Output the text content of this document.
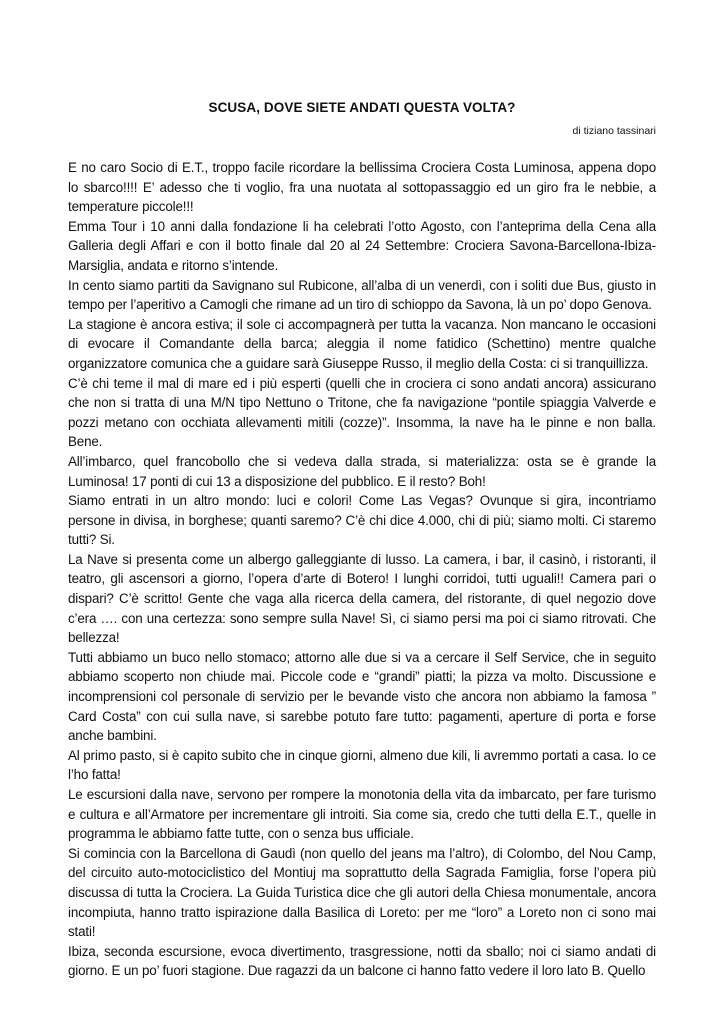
SCUSA, DOVE SIETE ANDATI QUESTA VOLTA?
di tiziano tassinari

E no caro Socio di E.T., troppo facile ricordare la bellissima Crociera Costa Luminosa, appena dopo lo sbarco!!!! E’ adesso che ti voglio, fra una nuotata al sottopassaggio ed un giro fra le nebbie, a temperature piccole!!!

Emma Tour i 10 anni dalla fondazione li ha celebrati l’otto Agosto, con l’anteprima della Cena alla Galleria degli Affari e con il botto finale dal 20 al 24 Settembre: Crociera Savona-Barcellona-Ibiza-Marsiglia, andata e ritorno s’intende.

In cento siamo partiti da Savignano sul Rubicone, all’alba di un venerdì, con i soliti due Bus, giusto in tempo per l’aperitivo a Camogli che rimane ad un tiro di schioppo da Savona, là un po’ dopo Genova.

La stagione è ancora estiva; il sole ci accompagnerà per tutta la vacanza. Non mancano le occasioni di evocare il Comandante della barca; aleggia il nome fatidico (Schettino) mentre qualche organizzatore comunica che a guidare sarà Giuseppe Russo, il meglio della Costa: ci si tranquillizza.

C’è chi teme il mal di mare ed i più esperti (quelli che in crociera ci sono andati ancora) assicurano che non si tratta di una M/N tipo Nettuno o Tritone, che fa navigazione “pontile spiaggia Valverde e pozzi metano con occhiata allevamenti mitili (cozze)”. Insomma, la nave ha le pinne e non balla. Bene.

All’imbarco, quel francobollo che si vedeva dalla strada, si materializza: osta se è grande la Luminosa! 17 ponti di cui 13 a disposizione del pubblico. E il resto? Boh!

Siamo entrati in un altro mondo: luci e colori! Come Las Vegas? Ovunque si gira, incontriamo persone in divisa, in borghese; quanti saremo? C’è chi dice 4.000, chi di più; siamo molti. Ci staremo tutti? Si.

La Nave si presenta come un albergo galleggiante di lusso. La camera, i bar, il casinò, i ristoranti, il teatro, gli ascensori a giorno, l’opera d’arte di Botero! I lunghi corridoi, tutti uguali!! Camera pari o dispari? C’è scritto! Gente che vaga alla ricerca della camera, del ristorante, di quel negozio dove c’era …. con una certezza: sono sempre sulla Nave! Sì, ci siamo persi ma poi ci siamo ritrovati. Che bellezza!

Tutti abbiamo un buco nello stomaco; attorno alle due si va a cercare il Self Service, che in seguito abbiamo scoperto non chiude mai. Piccole code e “grandi” piatti; la pizza va molto. Discussione e incomprensioni col personale di servizio per le bevande visto che ancora non abbiamo la famosa ” Card Costa” con cui sulla nave, si sarebbe potuto fare tutto: pagamenti, aperture di porta e forse anche bambini.

Al primo pasto, si è capito subito che in cinque giorni, almeno due kili, li avremmo portati a casa. Io ce l’ho fatta!

Le escursioni dalla nave, servono per rompere la monotonia della vita da imbarcato, per fare turismo e cultura e all’Armatore per incrementare gli introiti. Sia come sia, credo che tutti della E.T., quelle in programma le abbiamo fatte tutte, con o senza bus ufficiale.

Si comincia con la Barcellona di Gaudì (non quello del jeans ma l’altro), di Colombo, del Nou Camp, del circuito auto-motociclistico del Montiuj ma soprattutto della Sagrada Famiglia, forse l’opera più discussa di tutta la Crociera. La Guida Turistica dice che gli autori della Chiesa monumentale, ancora incompiuta, hanno tratto ispirazione dalla Basilica di Loreto: per me “loro” a Loreto non ci sono mai stati!

Ibiza, seconda escursione, evoca divertimento, trasgressione, notti da sballo; noi ci siamo andati di giorno. E un po’ fuori stagione. Due ragazzi da un balcone ci hanno fatto vedere il loro lato B. Quello
